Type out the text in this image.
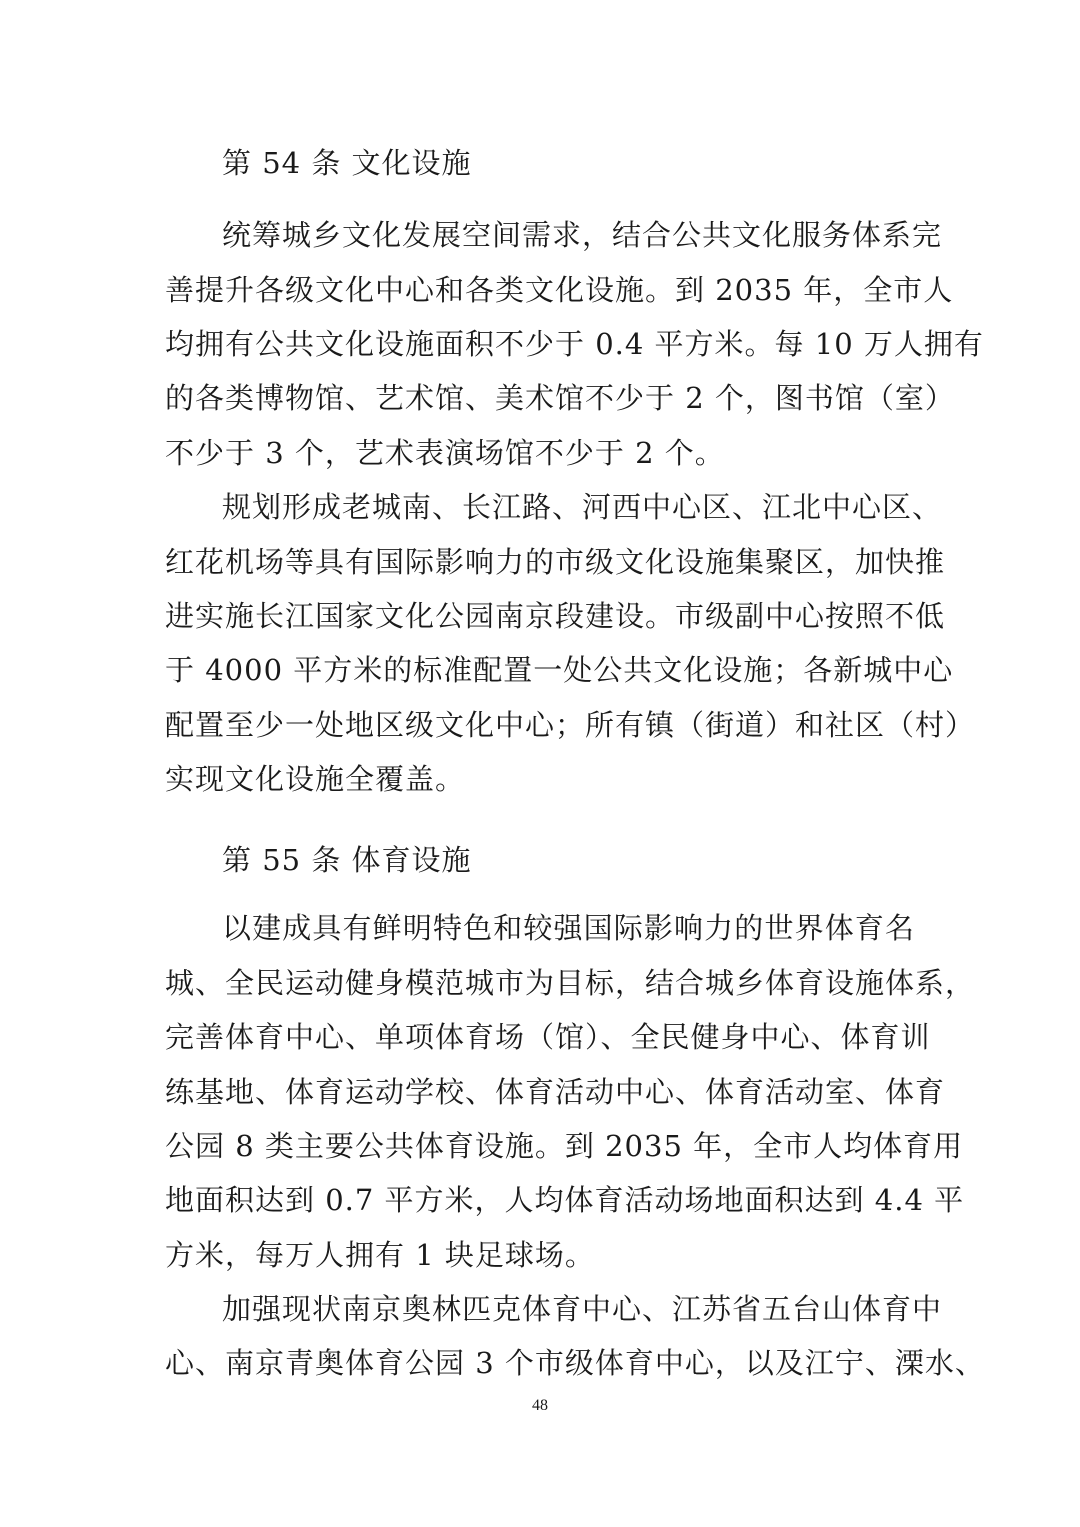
第 54 条 文化设施
统筹城乡文化发展空间需求，结合公共文化服务体系完
善提升各级文化中心和各类文化设施。到 2035 年，全市人
均拥有公共文化设施面积不少于 0.4 平方米。每 10 万人拥有
的各类博物馆、艺术馆、美术馆不少于 2 个，图书馆（室）
不少于 3 个，艺术表演场馆不少于 2 个。
规划形成老城南、长江路、河西中心区、江北中心区、
红花机场等具有国际影响力的市级文化设施集聚区，加快推
进实施长江国家文化公园南京段建设。市级副中心按照不低
于 4000 平方米的标准配置一处公共文化设施；各新城中心
配置至少一处地区级文化中心；所有镇（街道）和社区（村）
实现文化设施全覆盖。
第 55 条 体育设施
以建成具有鲜明特色和较强国际影响力的世界体育名
城、全民运动健身模范城市为目标，结合城乡体育设施体系，
完善体育中心、单项体育场（馆）、全民健身中心、体育训
练基地、体育运动学校、体育活动中心、体育活动室、体育
公园 8 类主要公共体育设施。到 2035 年，全市人均体育用
地面积达到 0.7 平方米，人均体育活动场地面积达到 4.4 平
方米，每万人拥有 1 块足球场。
加强现状南京奥林匹克体育中心、江苏省五台山体育中
心、南京青奥体育公园 3 个市级体育中心，以及江宁、溧水、
48
